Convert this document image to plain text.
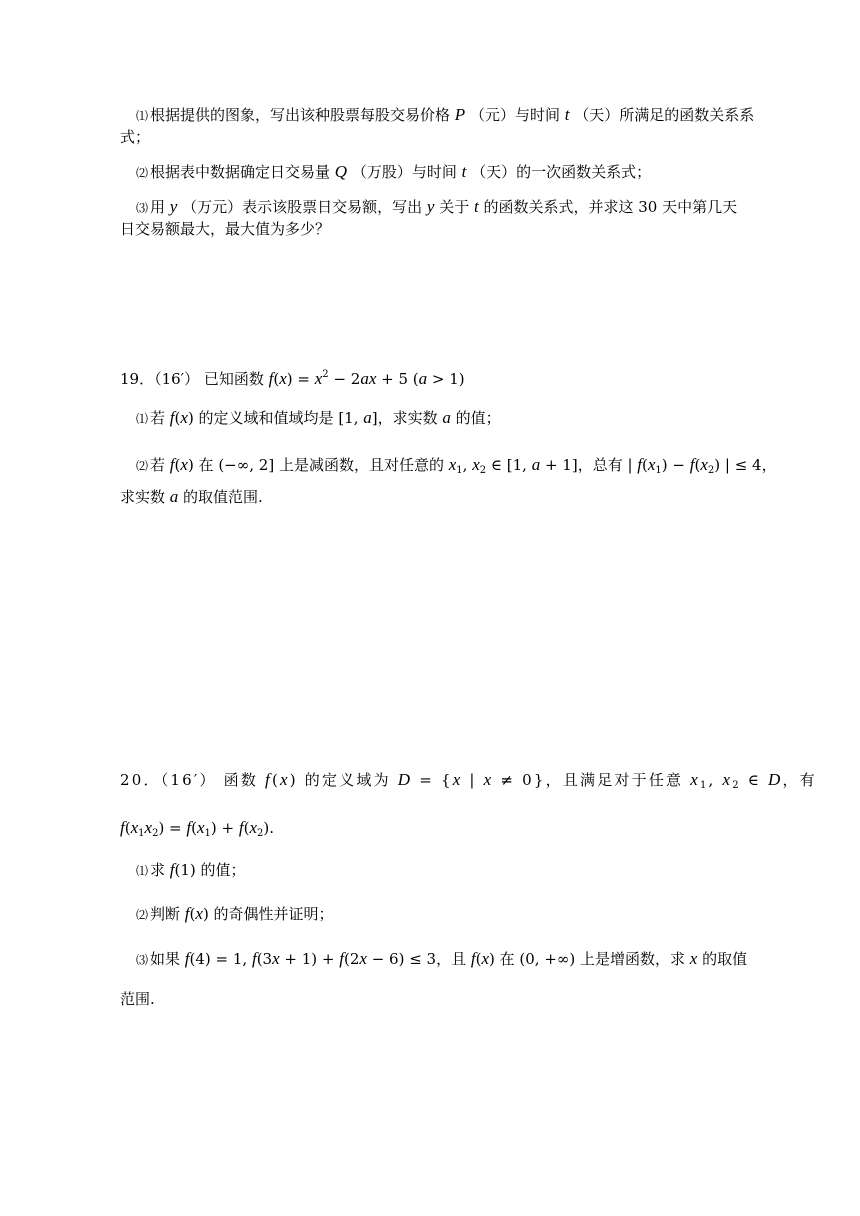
⑴ 根据提供的图象，写出该种股票每股交易价格 P （元）与时间 t （天）所满足的函数关系系
式；
⑵ 根据表中数据确定日交易量 Q （万股）与时间 t （天）的一次函数关系式；
⑶ 用 y （万元）表示该股票日交易额，写出 y 关于 t 的函数关系式，并求这 30 天中第几天
日交易额最大，最大值为多少？
19．（16′） 已知函数 $f(x) = x^2 - 2ax + 5$ (a > 1)
⑴ 若 f(x) 的定义域和值域均是 [1, a]，求实数 a 的值；
⑵ 若 f(x) 在 (−∞, 2] 上是减函数，且对任意的 $x_1$, $x_2$ ∈ [1, a + 1]，总有 | $f(x_1) - f(x_2)$ | ≤ 4，
求实数 a 的取值范围.
20．（16′） 函数 f(x) 的定义域为 D = {x | x ≠ 0}，且满足对于任意 $x_1$, $x_2$ ∈ D，有
$f(x_1x_2) = f(x_1) + f(x_2)$.
⑴ 求 f(1) 的值；
⑵ 判断 f(x) 的奇偶性并证明；
⑶ 如果 f(4) = 1, f(3x + 1) + f(2x − 6) ≤ 3，且 f(x) 在 (0, +∞) 上是增函数，求 x 的取值
范围.
